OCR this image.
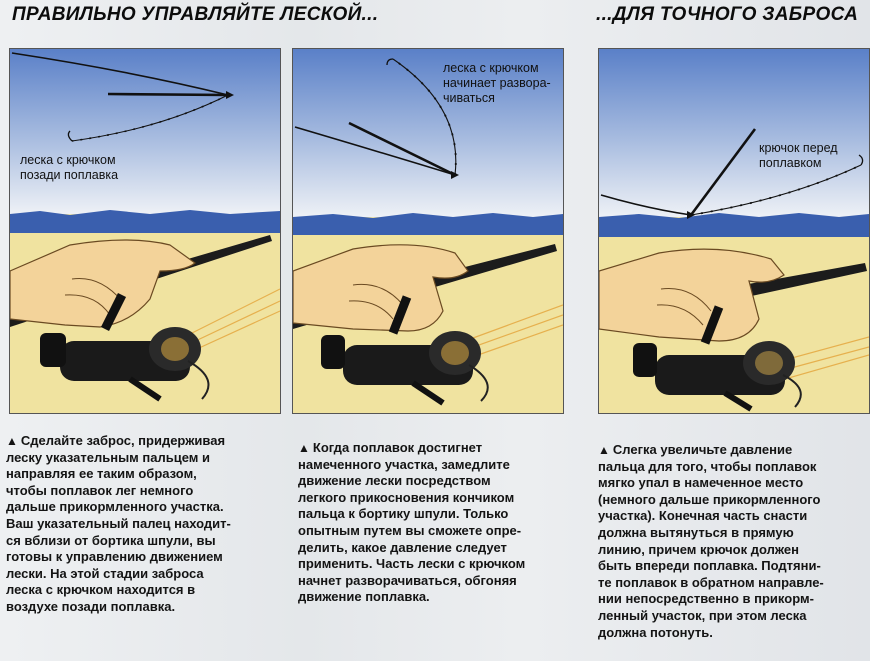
ПРАВИЛЬНО УПРАВЛЯЙТЕ ЛЕСКОЙ...	...ДЛЯ ТОЧНОГО ЗАБРОСА
леска с крючком
позади поплавка
леска с крючком
начинает развора-
чиваться
крючок перед
поплавком
▲ Сделайте заброс, придерживая
леску указательным пальцем и
направляя ее таким образом,
чтобы поплавок лег немного
дальше прикормленного участка.
Ваш указательный палец находит-
ся вблизи от бортика шпули, вы
готовы к управлению движением
лески. На этой стадии заброса
леска с крючком находится в
воздухе позади поплавка.
▲ Когда поплавок достигнет
намеченного участка, замедлите
движение лески посредством
легкого прикосновения кончиком
пальца к бортику шпули. Только
опытным путем вы сможете опре-
делить, какое давление следует
применить. Часть лески с крючком
начнет разворачиваться, обгоняя
движение поплавка.
▲ Слегка увеличьте давление
пальца для того, чтобы поплавок
мягко упал в намеченное место
(немного дальше прикормленного
участка). Конечная часть снасти
должна вытянуться в прямую
линию, причем крючок должен
быть впереди поплавка. Подтяни-
те поплавок в обратном направле-
нии непосредственно в прикорм-
ленный участок, при этом леска
должна потонуть.
